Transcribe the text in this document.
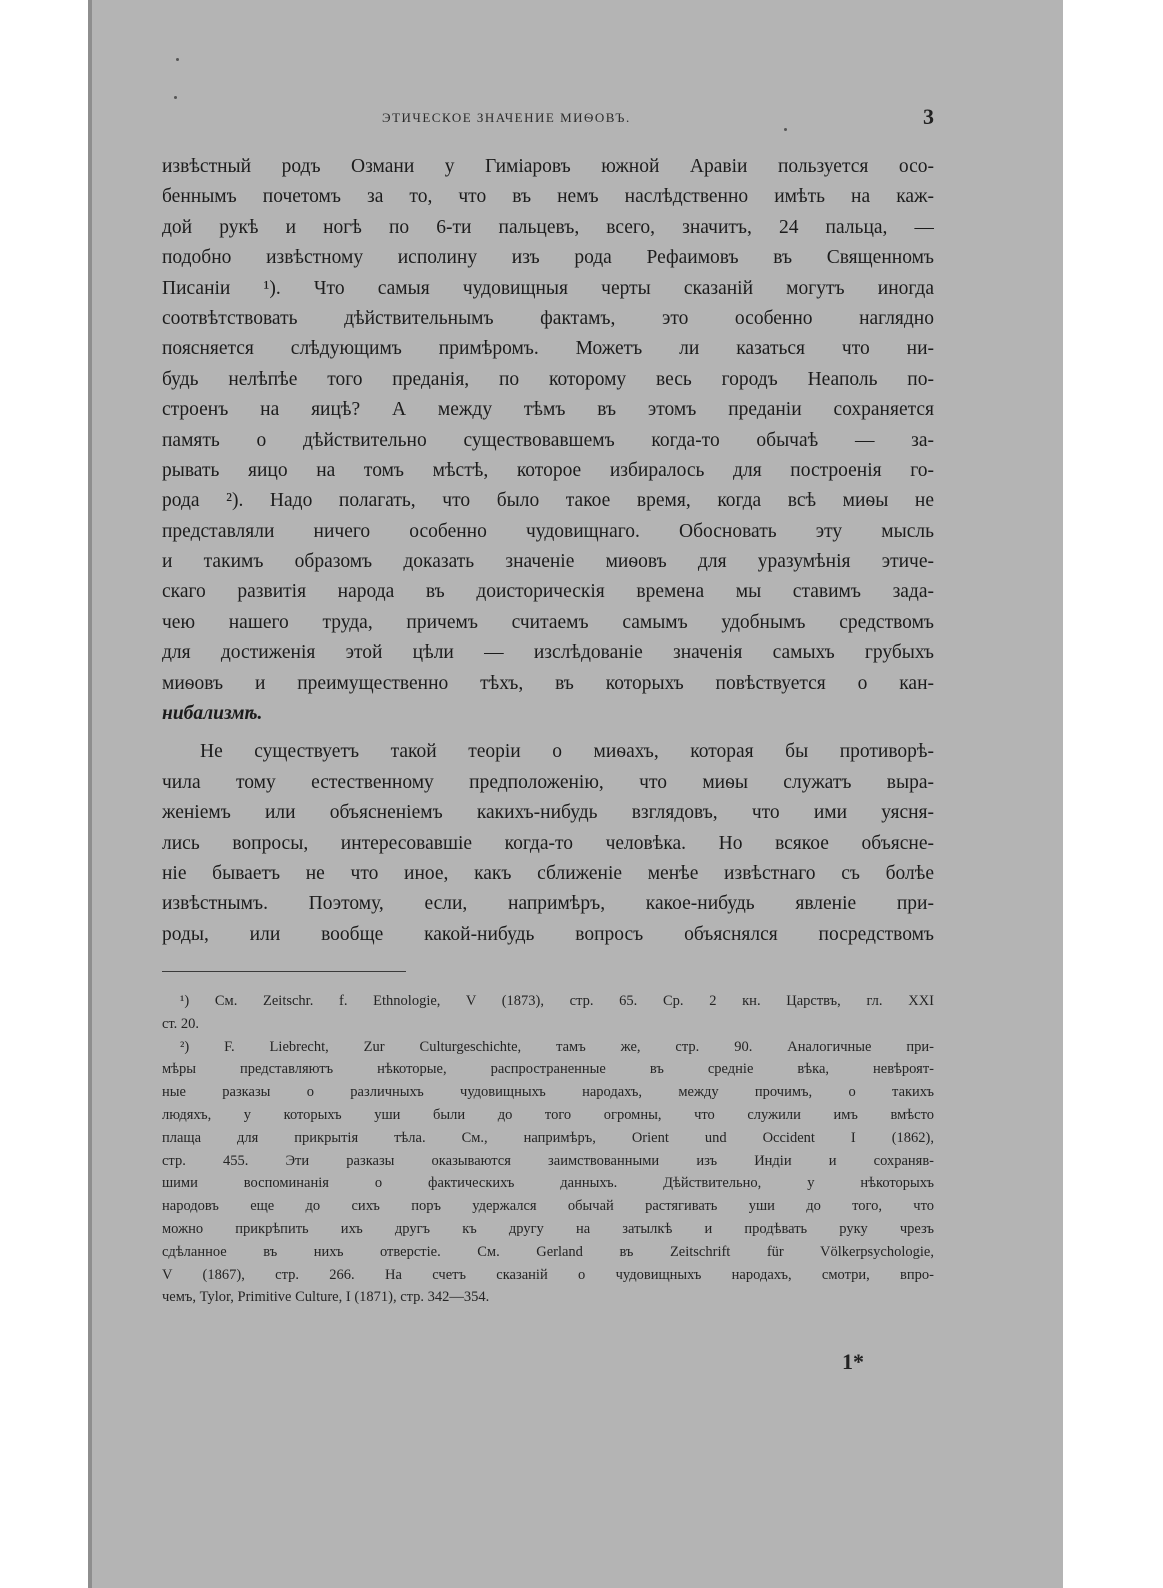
ЭТИЧЕСКОЕ ЗНАЧЕНИЕ МИѲОВЪ.	3
извѣстный родъ Озмани у Гиміаровъ южной Аравіи пользуется осо-
беннымъ почетомъ за то, что въ немъ наслѣдственно имѣть на каж-
дой рукѣ и ногѣ по 6-ти пальцевъ, всего, значитъ, 24 пальца, —
подобно извѣстному исполину изъ рода Рефаимовъ въ Священномъ
Писаніи ¹). Что самыя чудовищныя черты сказаній могутъ иногда
соотвѣтствовать дѣйствительнымъ фактамъ, это особенно наглядно
поясняется слѣдующимъ примѣромъ. Можетъ ли казаться что ни-
будь нелѣпѣе того преданія, по которому весь городъ Неаполь по-
строенъ на яицѣ? А между тѣмъ въ этомъ преданіи сохраняется
память о дѣйствительно существовавшемъ когда-то обычаѣ — за-
рывать яицо на томъ мѣстѣ, которое избиралось для построенія го-
рода ²). Надо полагать, что было такое время, когда всѣ миѳы не
представляли ничего особенно чудовищнаго. Обосновать эту мысль
и такимъ образомъ доказать значеніе миѳовъ для уразумѣнія этиче-
скаго развитія народа въ доисторическія времена мы ставимъ зада-
чею нашего труда, причемъ считаемъ самымъ удобнымъ средствомъ
для достиженія этой цѣли — изслѣдованіе значенія самыхъ грубыхъ
миѳовъ и преимущественно тѣхъ, въ которыхъ повѣствуется о кан-
нибализмѣ.
Не существуетъ такой теоріи о миѳахъ, которая бы противорѣ-
чила тому естественному предположенію, что миѳы служатъ выра-
женіемъ или объясненіемъ какихъ-нибудь взглядовъ, что ими уясня-
лись вопросы, интересовавшіе когда-то человѣка. Но всякое объясне-
ніе бываетъ не что иное, какъ сближеніе менѣе извѣстнаго съ болѣе
извѣстнымъ. Поэтому, если, напримѣръ, какое-нибудь явленіе при-
роды, или вообще какой-нибудь вопросъ объяснялся посредствомъ
¹) См. Zeitschr. f. Ethnologie, V (1873), стр. 65. Ср. 2 кн. Царствъ, гл. XXI
ст. 20.
²) F. Liebrecht, Zur Culturgeschichte, тамъ же, стр. 90. Аналогичные при-
мѣры представляютъ нѣкоторые, распространенные въ средніе вѣка, невѣроят-
ные разказы о различныхъ чудовищныхъ народахъ, между прочимъ, о такихъ
людяхъ, у которыхъ уши были до того огромны, что служили имъ вмѣсто
плаща для прикрытія тѣла. См., напримѣръ, Orient und Occident I (1862),
стр. 455. Эти разказы оказываются заимствованными изъ Индіи и сохраняв-
шими воспоминанія о фактическихъ данныхъ. Дѣйствительно, у нѣкоторыхъ
народовъ еще до сихъ поръ удержался обычай растягивать уши до того, что
можно прикрѣпить ихъ другъ къ другу на затылкѣ и продѣвать руку чрезъ
сдѣланное въ нихъ отверстіе. См. Gerland въ Zeitschrift für Völkerpsychologie,
V (1867), стр. 266. На счетъ сказаній о чудовищныхъ народахъ, смотри, впро-
чемъ, Tylor, Primitive Culture, I (1871), стр. 342—354.
1*
